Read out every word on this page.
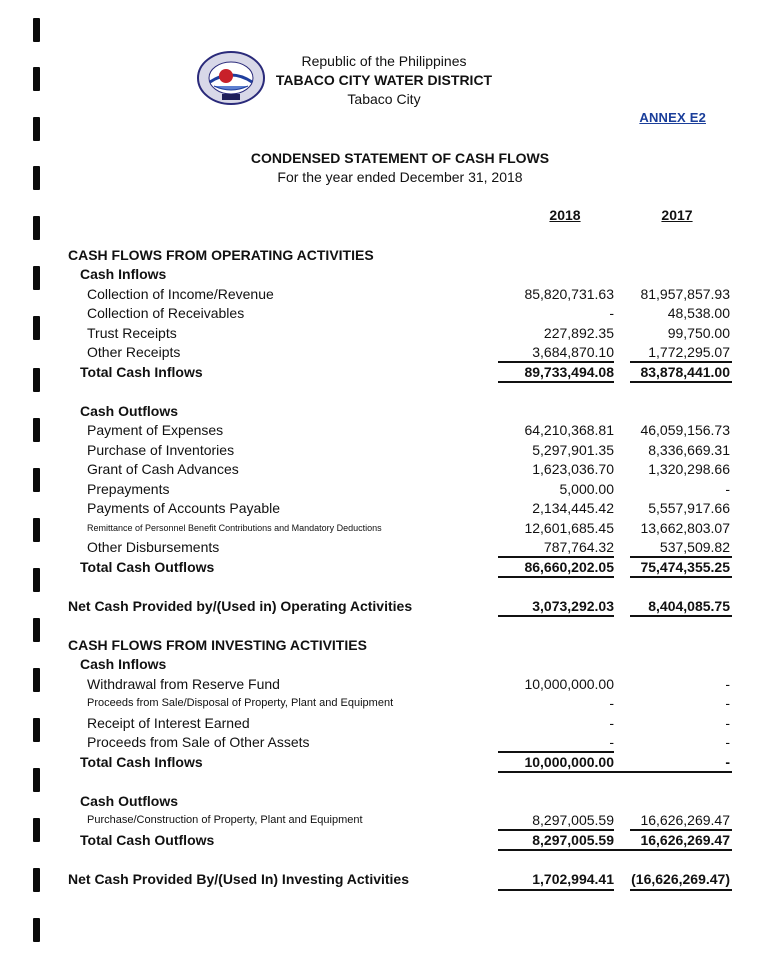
Republic of the Philippines
TABACO CITY WATER DISTRICT
Tabaco City
ANNEX E2
CONDENSED STATEMENT OF CASH FLOWS
For the year ended December 31, 2018
2018	2017
CASH FLOWS FROM OPERATING ACTIVITIES
Cash Inflows
Collection of Income/Revenue	85,820,731.63	81,957,857.93
Collection of Receivables	-	48,538.00
Trust Receipts	227,892.35	99,750.00
Other Receipts	3,684,870.10	1,772,295.07
Total Cash Inflows	89,733,494.08	83,878,441.00
Cash Outflows
Payment of Expenses	64,210,368.81	46,059,156.73
Purchase of Inventories	5,297,901.35	8,336,669.31
Grant of Cash Advances	1,623,036.70	1,320,298.66
Prepayments	5,000.00	-
Payments of Accounts Payable	2,134,445.42	5,557,917.66
Remittance of Personnel Benefit Contributions and Mandatory Deductions	12,601,685.45	13,662,803.07
Other Disbursements	787,764.32	537,509.82
Total Cash Outflows	86,660,202.05	75,474,355.25
Net Cash Provided by/(Used in) Operating Activities	3,073,292.03	8,404,085.75
CASH FLOWS FROM INVESTING ACTIVITIES
Cash Inflows
Withdrawal from Reserve Fund	10,000,000.00	-
Proceeds from Sale/Disposal of Property, Plant and Equipment	-	-
Receipt of Interest Earned	-	-
Proceeds from Sale of Other Assets	-	-
Total Cash Inflows	10,000,000.00	-
Cash Outflows
Purchase/Construction of Property, Plant and Equipment	8,297,005.59	16,626,269.47
Total Cash Outflows	8,297,005.59	16,626,269.47
Net Cash Provided By/(Used In) Investing Activities	1,702,994.41	(16,626,269.47)
